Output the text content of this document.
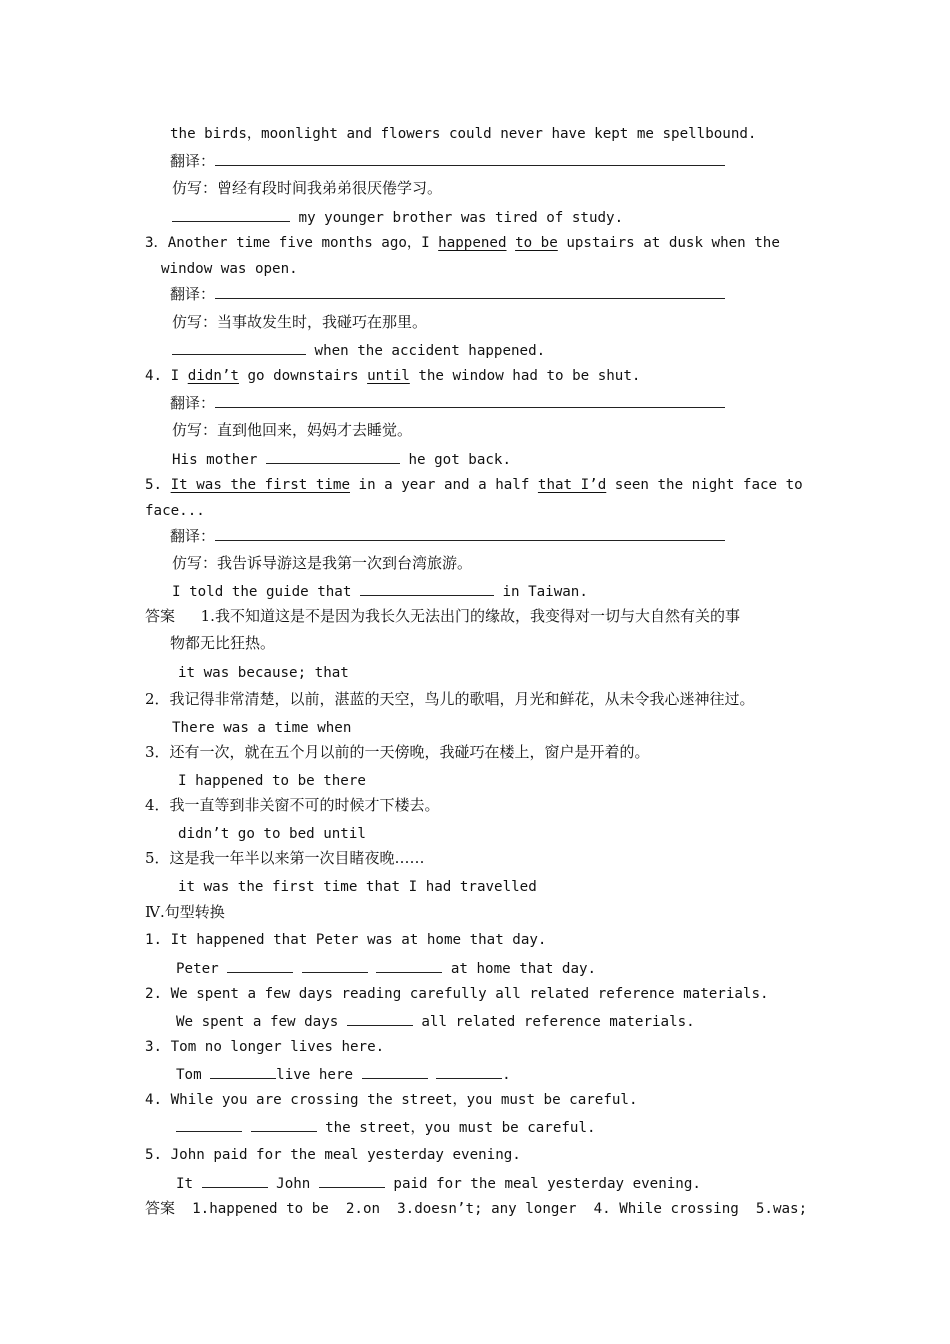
the birds，moonlight and flowers could never have kept me spellbound.
翻译：
仿写：曾经有段时间我弟弟很厌倦学习。
my younger brother was tired of study.
3．Another time five months ago，I happened to be upstairs at dusk when the
window was open.
翻译：
仿写：当事故发生时，我碰巧在那里。
when the accident happened.
4. I didn’t go downstairs until the window had to be shut.
翻译：
仿写：直到他回来，妈妈才去睡觉。
His mother	he got back.
5. It was the first time in a year and a half that I’d seen the night face to
face...
翻译：
仿写：我告诉导游这是我第一次到台湾旅游。
I told the guide that	in Taiwan.
答案 1.我不知道这是不是因为我长久无法出门的缘故，我变得对一切与大自然有关的事
物都无比狂热。
it was because; that
2．我记得非常清楚，以前，湛蓝的天空，鸟儿的歌唱，月光和鲜花，从未令我心迷神往过。
There was a time when
3．还有一次，就在五个月以前的一天傍晚，我碰巧在楼上，窗户是开着的。
I happened to be there
4．我一直等到非关窗不可的时候才下楼去。
didn’t go to bed until
5．这是我一年半以来第一次目睹夜晚……
it was the first time that I had travelled
Ⅳ.句型转换
1. It happened that Peter was at home that day.
Peter	at home that day.
2. We spent a few days reading carefully all related reference materials.
We spent a few days	all related reference materials.
3. Tom no longer lives here.
Tom	live here	.
4. While you are crossing the street，you must be careful.
the street，you must be careful.
5. John paid for the meal yesterday evening.
It	John	paid for the meal yesterday evening.
答案 1.happened to be  2.on  3.doesn’t; any longer  4. While crossing  5.was;
